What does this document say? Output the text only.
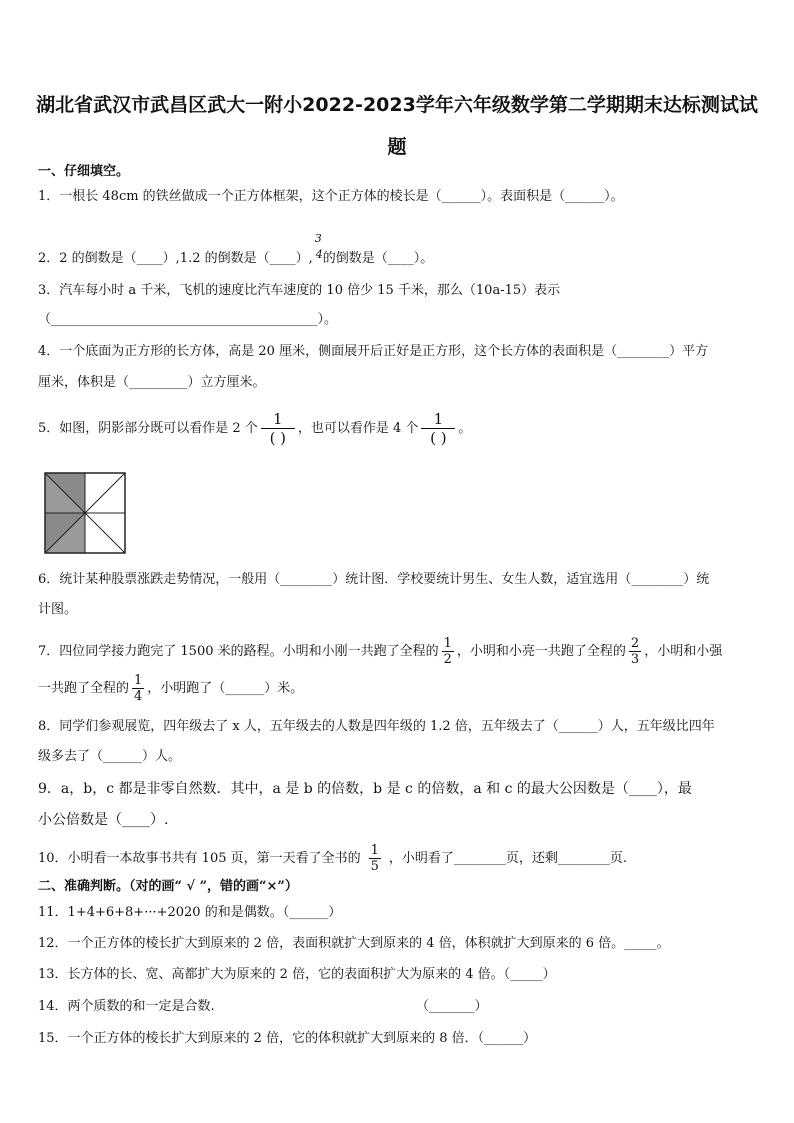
湖北省武汉市武昌区武大一附小2022-2023学年六年级数学第二学期期末达标测试试题
一、仔细填空。
1．一根长 48cm 的铁丝做成一个正方体框架，这个正方体的棱长是（______）。表面积是（______）。
2．2 的倒数是（____）,1.2 的倒数是（____）,
3
4 的倒数是（____）。
3．汽车每小时 a 千米，飞机的速度比汽车速度的 10 倍少 15 千米，那么（10a-15）表示
（_________________________________________）。
4．一个底面为正方形的长方体，高是 20 厘米，侧面展开后正好是正方形，这个长方体的表面积是（________）平方
厘米，体积是（_________）立方厘米。
5．如图，阴影部分既可以看作是 2 个 $\frac{1}{( )}$ ，也可以看作是 4 个 $\frac{1}{( )}$ 。
6．统计某种股票涨跌走势情况，一般用（________）统计图．学校要统计男生、女生人数，适宜选用（________）统
计图。
7．四位同学接力跑完了 1500 米的路程。小明和小刚一共跑了全程的 $\frac{1}{2}$ ，小明和小亮一共跑了全程的 $\frac{2}{3}$ ，小明和小强
一共跑了全程的 $\frac{1}{4}$ ，小明跑了（______）米。
8．同学们参观展览，四年级去了 x 人，五年级去的人数是四年级的 1.2 倍，五年级去了（______）人，五年级比四年
级多去了（______）人。
9．a，b，c 都是非零自然数．其中，a 是 b 的倍数，b 是 c 的倍数，a 和 c 的最大公因数是（____），最
小公倍数是（____）.
10．小明看一本故事书共有 105 页，第一天看了全书的 $\frac{1}{5}$ ，小明看了________页，还剩________页.
二、准确判断。（对的画“ √ ”，错的画“×”）
11．1+4+6+8+···+2020 的和是偶数。（______）
12．一个正方体的棱长扩大到原来的 2 倍，表面积就扩大到原来的 4 倍，体积就扩大到原来的 6 倍。_____。
13．长方体的长、宽、高都扩大为原来的 2 倍，它的表面积扩大为原来的 4 倍。（_____）
14．两个质数的和一定是合数.	（_______）
15．一个正方体的棱长扩大到原来的 2 倍，它的体积就扩大到原来的 8 倍．（______）
